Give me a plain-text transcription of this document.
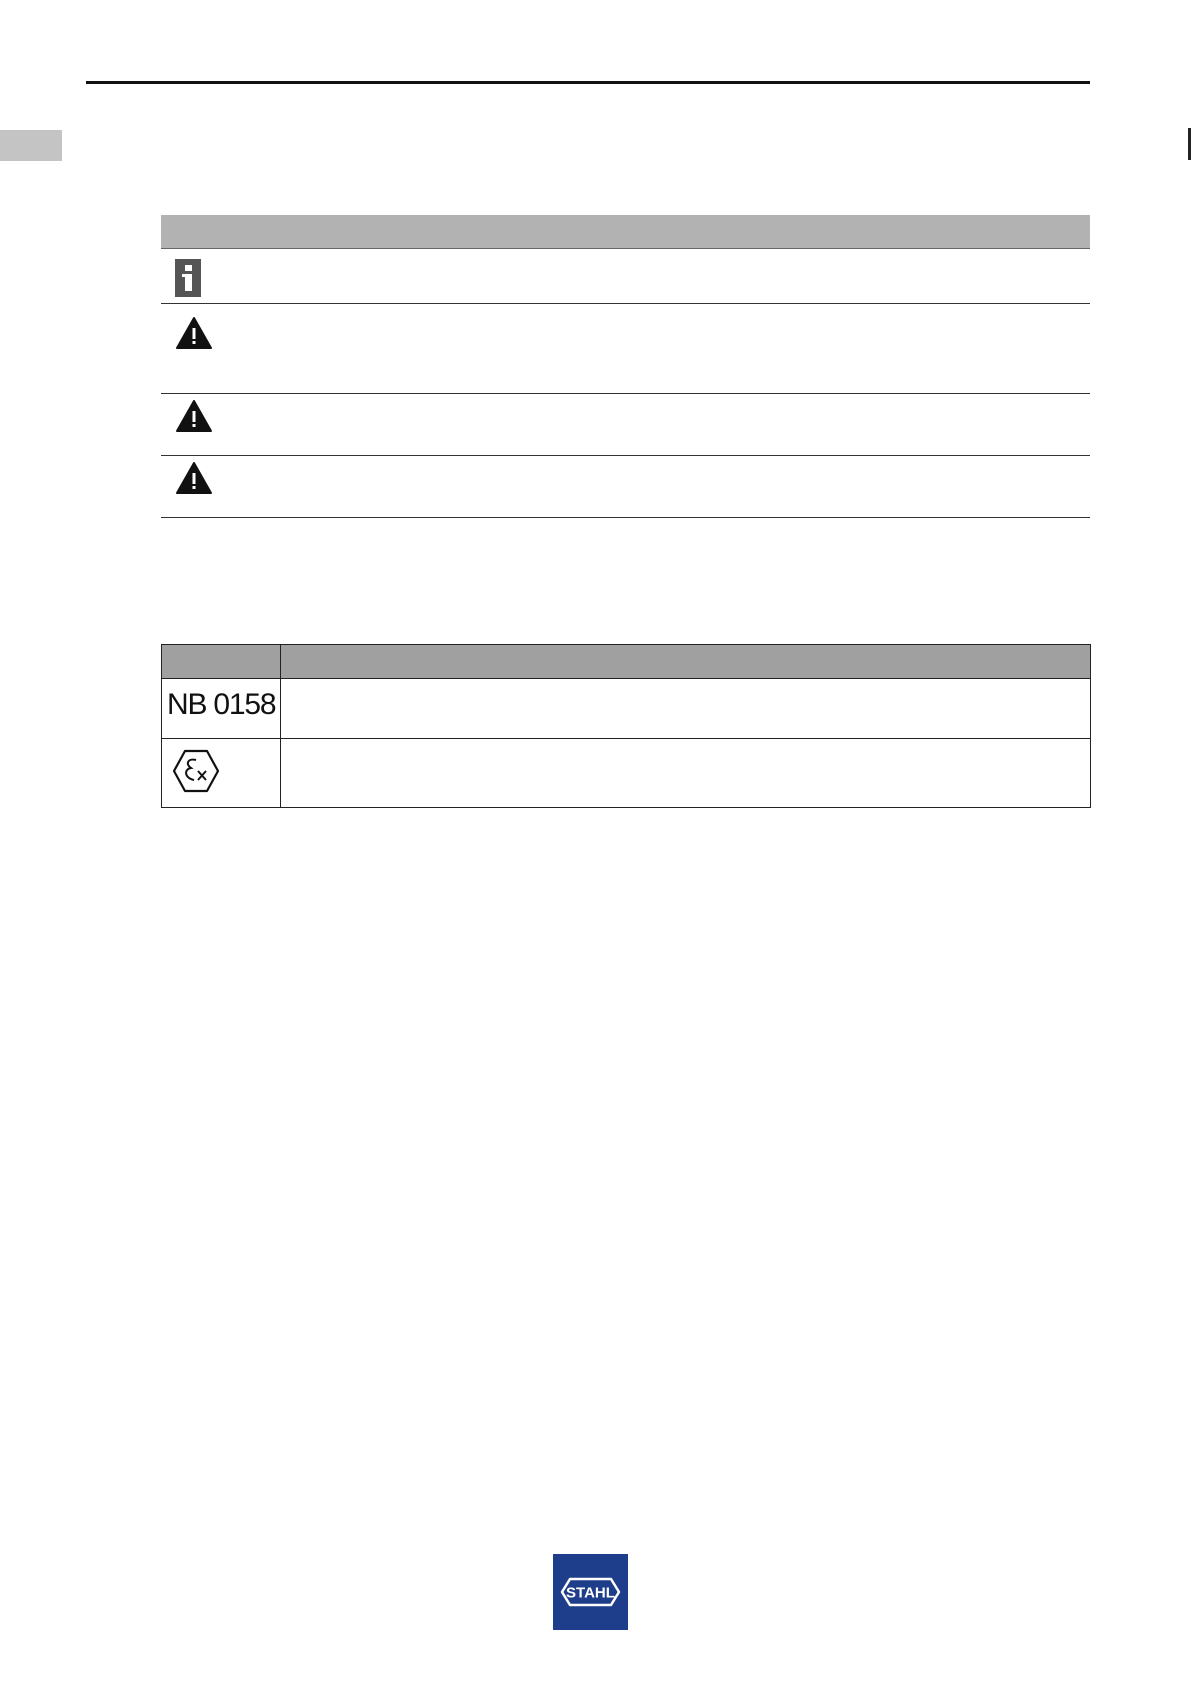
NB 0158	

STAHL
